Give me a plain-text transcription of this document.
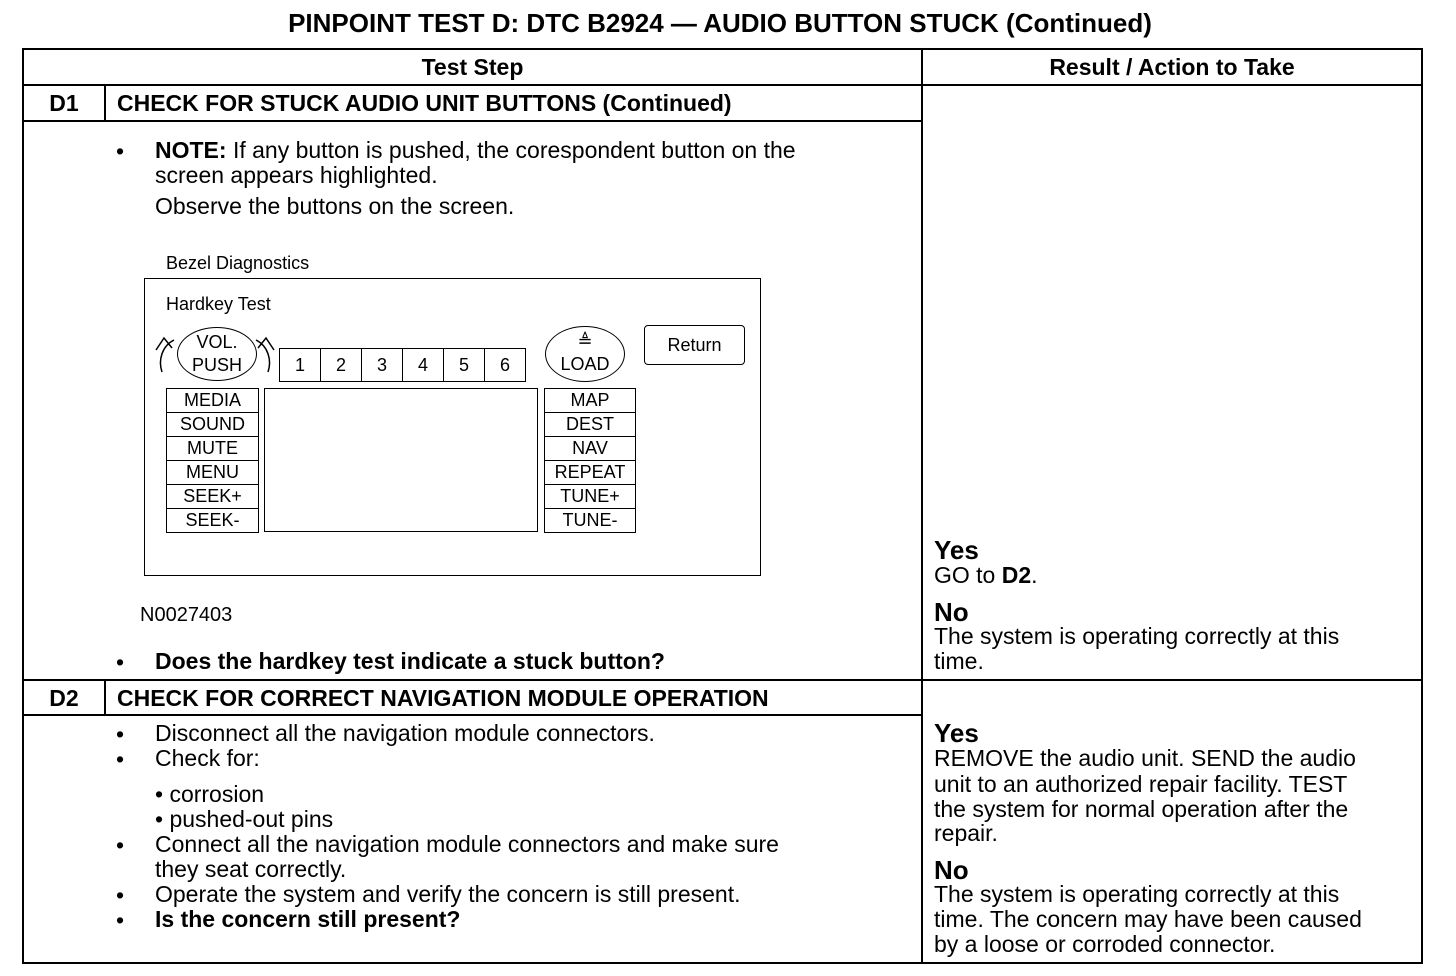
PINPOINT TEST D: DTC B2924 — AUDIO BUTTON STUCK (Continued)
Test Step	Result / Action to Take
D1	CHECK FOR STUCK AUDIO UNIT BUTTONS (Continued)
• NOTE: If any button is pushed, the corespondent button on the
screen appears highlighted.
Observe the buttons on the screen.
Bezel Diagnostics
Hardkey Test
VOL.
PUSH	1	2	3	4	5	6
≜
LOAD
Return
MEDIA
SOUND
MUTE
MENU
SEEK+
SEEK-
MAP
DEST
NAV
REPEAT
TUNE+
TUNE-
N0027403
• Does the hardkey test indicate a stuck button?
Yes
GO to D2.
No
The system is operating correctly at this
time.
D2	CHECK FOR CORRECT NAVIGATION MODULE OPERATION
• Disconnect all the navigation module connectors.
• Check for:
• corrosion
• pushed-out pins
• Connect all the navigation module connectors and make sure
they seat correctly.
• Operate the system and verify the concern is still present.
• Is the concern still present?
Yes
REMOVE the audio unit. SEND the audio
unit to an authorized repair facility. TEST
the system for normal operation after the
repair.
No
The system is operating correctly at this
time. The concern may have been caused
by a loose or corroded connector.
